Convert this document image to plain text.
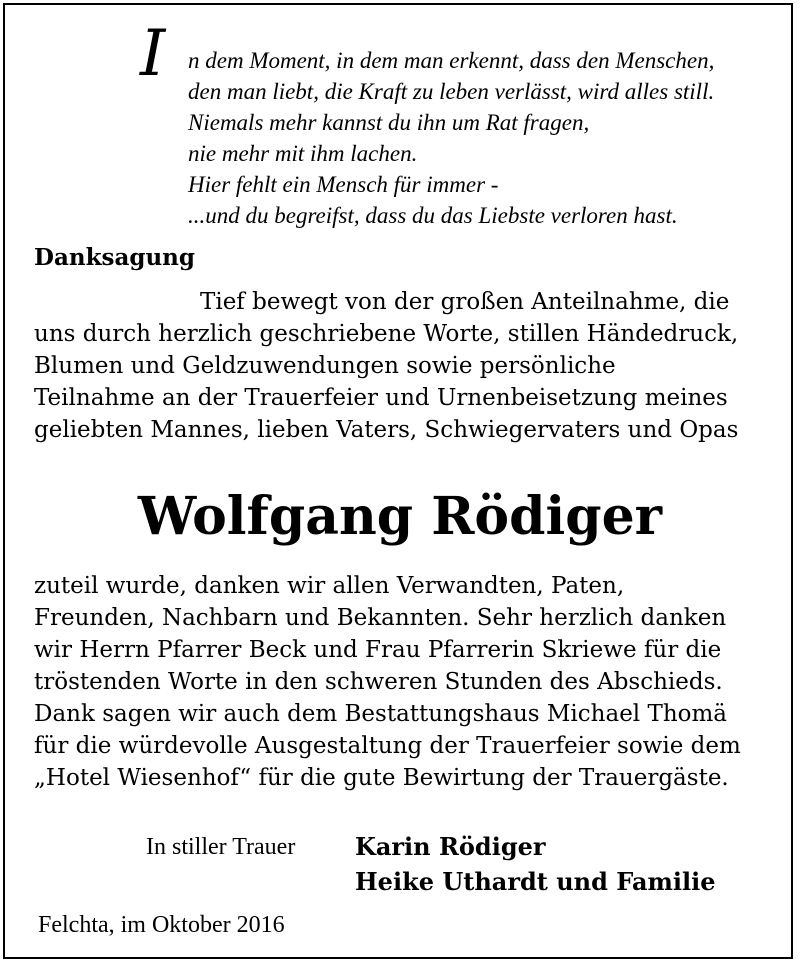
I n dem Moment, in dem man erkennt, dass den Menschen,
den man liebt, die Kraft zu leben verlässt, wird alles still.
Niemals mehr kannst du ihn um Rat fragen,
nie mehr mit ihm lachen.
Hier fehlt ein Mensch für immer -
...und du begreifst, dass du das Liebste verloren hast.
Danksagung
Tief bewegt von der großen Anteilnahme, die
uns durch herzlich geschriebene Worte, stillen Händedruck,
Blumen und Geldzuwendungen sowie persönliche
Teilnahme an der Trauerfeier und Urnenbeisetzung meines
geliebten Mannes, lieben Vaters, Schwiegervaters und Opas
Wolfgang Rödiger
zuteil wurde, danken wir allen Verwandten, Paten,
Freunden, Nachbarn und Bekannten. Sehr herzlich danken
wir Herrn Pfarrer Beck und Frau Pfarrerin Skriewe für die
tröstenden Worte in den schweren Stunden des Abschieds.
Dank sagen wir auch dem Bestattungshaus Michael Thomä
für die würdevolle Ausgestaltung der Trauerfeier sowie dem
„Hotel Wiesenhof“ für die gute Bewirtung der Trauergäste.
In stiller Trauer Karin Rödiger
Heike Uthardt und Familie
Felchta, im Oktober 2016
